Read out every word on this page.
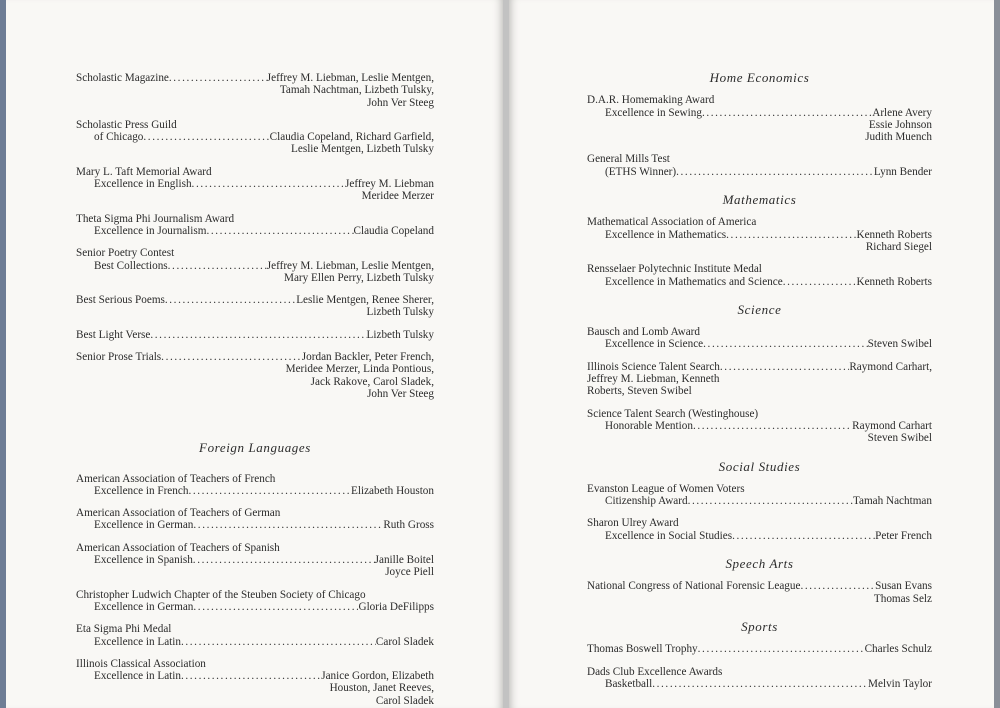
Scholastic Magazine .....	Jeffrey M. Liebman, Leslie Mentgen,
Tamah Nachtman, Lizbeth Tulsky,
John Ver Steeg
Scholastic Press Guild
of Chicago .....	Claudia Copeland, Richard Garfield,
Leslie Mentgen, Lizbeth Tulsky
Mary L. Taft Memorial Award
Excellence in English .....	Jeffrey M. Liebman
Meridee Merzer
Theta Sigma Phi Journalism Award
Excellence in Journalism .....	Claudia Copeland
Senior Poetry Contest
Best Collections .....	Jeffrey M. Liebman, Leslie Mentgen,
Mary Ellen Perry, Lizbeth Tulsky
Best Serious Poems .....	Leslie Mentgen, Renee Sherer,
Lizbeth Tulsky
Best Light Verse .....	Lizbeth Tulsky
Senior Prose Trials .....	Jordan Backler, Peter French,
Meridee Merzer, Linda Pontious,
Jack Rakove, Carol Sladek,
John Ver Steeg
Foreign Languages
American Association of Teachers of French
Excellence in French .....	Elizabeth Houston
American Association of Teachers of German
Excellence in German .....	Ruth Gross
American Association of Teachers of Spanish
Excellence in Spanish .....	Janille Boitel
Joyce Piell
Christopher Ludwich Chapter of the Steuben Society of Chicago
Excellence in German .....	Gloria DeFilipps
Eta Sigma Phi Medal
Excellence in Latin .....	Carol Sladek
Illinois Classical Association
Excellence in Latin .....	Janice Gordon, Elizabeth
Houston, Janet Reeves,
Carol Sladek
Home Economics
D.A.R. Homemaking Award
Excellence in Sewing .....	Arlene Avery
Essie Johnson
Judith Muench
General Mills Test
(ETHS Winner) .....	Lynn Bender
Mathematics
Mathematical Association of America
Excellence in Mathematics .....	Kenneth Roberts
Richard Siegel
Rensselaer Polytechnic Institute Medal
Excellence in Mathematics and Science .....	Kenneth Roberts
Science
Bausch and Lomb Award
Excellence in Science .....	Steven Swibel
Illinois Science Talent Search .....	Raymond Carhart,
Jeffrey M. Liebman, Kenneth
Roberts, Steven Swibel
Science Talent Search (Westinghouse)
Honorable Mention .....	Raymond Carhart
Steven Swibel
Social Studies
Evanston League of Women Voters
Citizenship Award .....	Tamah Nachtman
Sharon Ulrey Award
Excellence in Social Studies .....	Peter French
Speech Arts
National Congress of National Forensic League .....	Susan Evans
Thomas Selz
Sports
Thomas Boswell Trophy .....	Charles Schulz
Dads Club Excellence Awards
Basketball .....	Melvin Taylor
